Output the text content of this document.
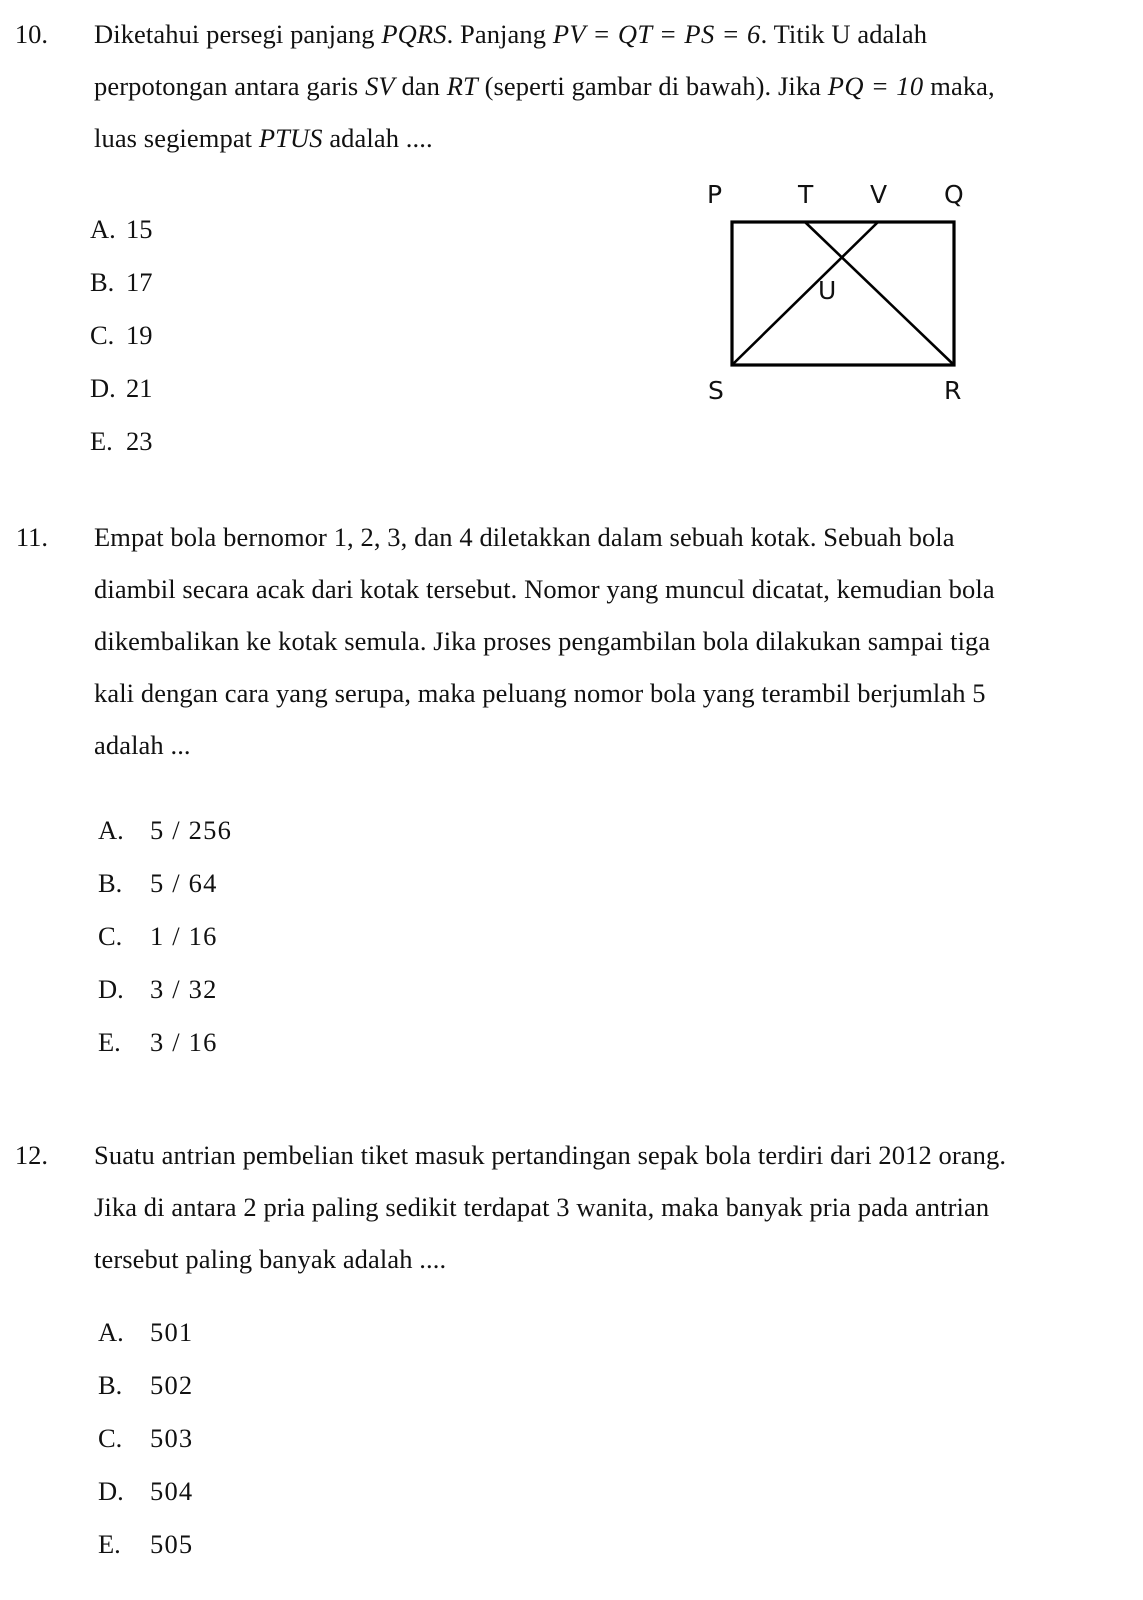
10.	Diketahui persegi panjang PQRS. Panjang PV = QT = PS = 6. Titik U adalah
perpotongan antara garis SV dan RT (seperti gambar di bawah). Jika PQ = 10 maka,
luas segiempat PTUS adalah ....
A. 15
B. 17
C. 19
D. 21
E. 23
P	T V Q
U
S	R
11.	Empat bola bernomor 1, 2, 3, dan 4 diletakkan dalam sebuah kotak. Sebuah bola
diambil secara acak dari kotak tersebut. Nomor yang muncul dicatat, kemudian bola
dikembalikan ke kotak semula. Jika proses pengambilan bola dilakukan sampai tiga
kali dengan cara yang serupa, maka peluang nomor bola yang terambil berjumlah 5
adalah ...
A. 5 / 256
B.	5 / 64
C.	1 / 16
D. 3 / 32
E.	3 / 16
12.	Suatu antrian pembelian tiket masuk pertandingan sepak bola terdiri dari 2012 orang.
Jika di antara 2 pria paling sedikit terdapat 3 wanita, maka banyak pria pada antrian
tersebut paling banyak adalah ....
A. 501
B.	502
C.	503
D. 504
E.	505
